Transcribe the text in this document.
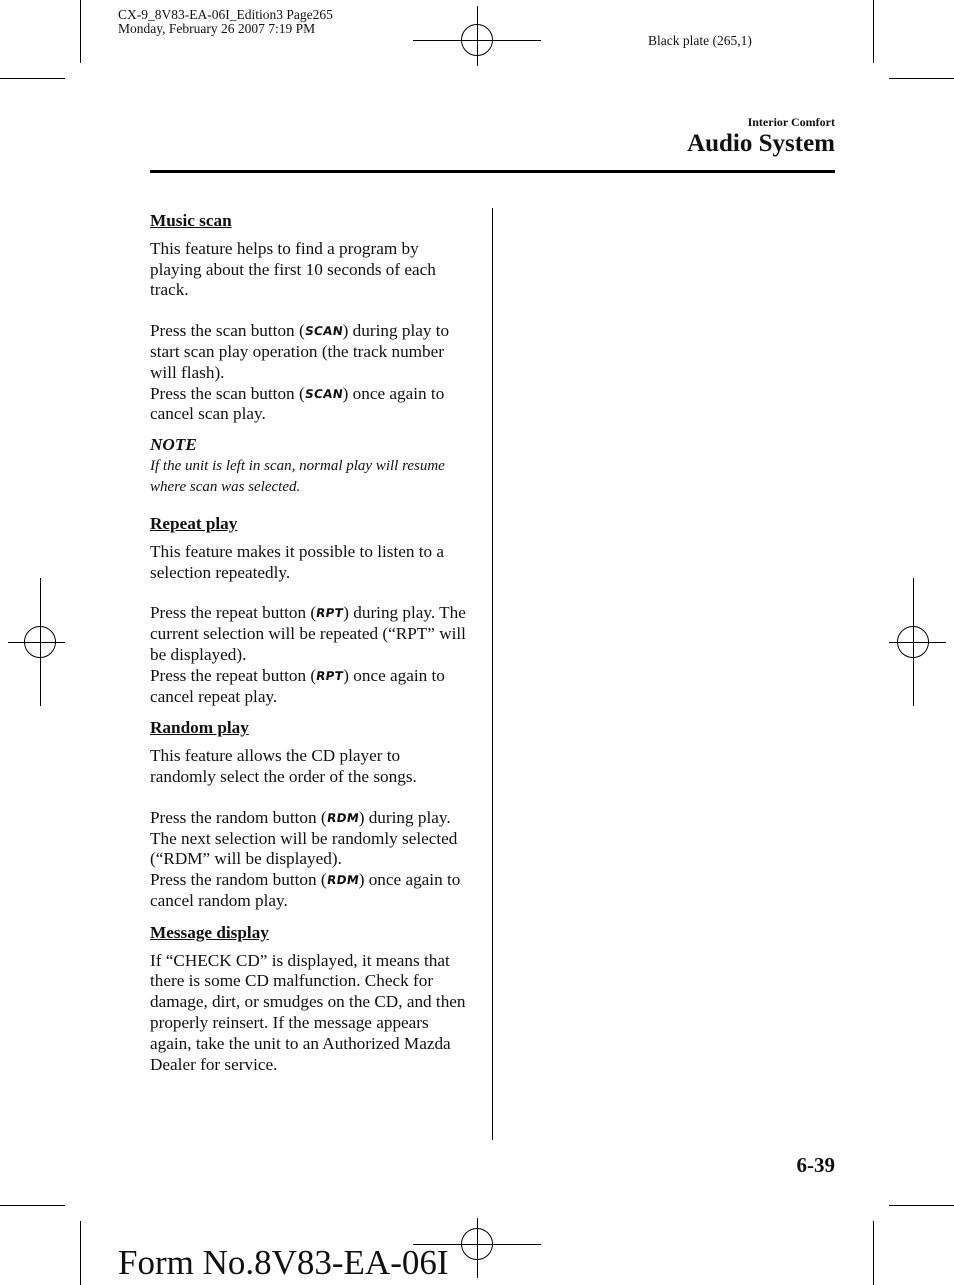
CX-9_8V83-EA-06I_Edition3 Page265
Monday, February 26 2007 7:19 PM
Black plate (265,1)
Interior Comfort
Audio System

Music scan

This feature helps to find a program by playing about the first 10 seconds of each track.

Press the scan button (SCAN) during play to start scan play operation (the track number will flash).

Press the scan button (SCAN) once again to cancel scan play.

NOTE

If the unit is left in scan, normal play will resume where scan was selected.

Repeat play

This feature makes it possible to listen to a selection repeatedly.

Press the repeat button (RPT) during play. The current selection will be repeated (“RPT” will be displayed).

Press the repeat button (RPT) once again to cancel repeat play.

Random play

This feature allows the CD player to randomly select the order of the songs.

Press the random button (RDM) during play. The next selection will be randomly selected (“RDM” will be displayed).

Press the random button (RDM) once again to cancel random play.

Message display

If “CHECK CD” is displayed, it means that there is some CD malfunction. Check for damage, dirt, or smudges on the CD, and then properly reinsert. If the message appears again, take the unit to an Authorized Mazda Dealer for service.

6-39
Form No.8V83-EA-06I
